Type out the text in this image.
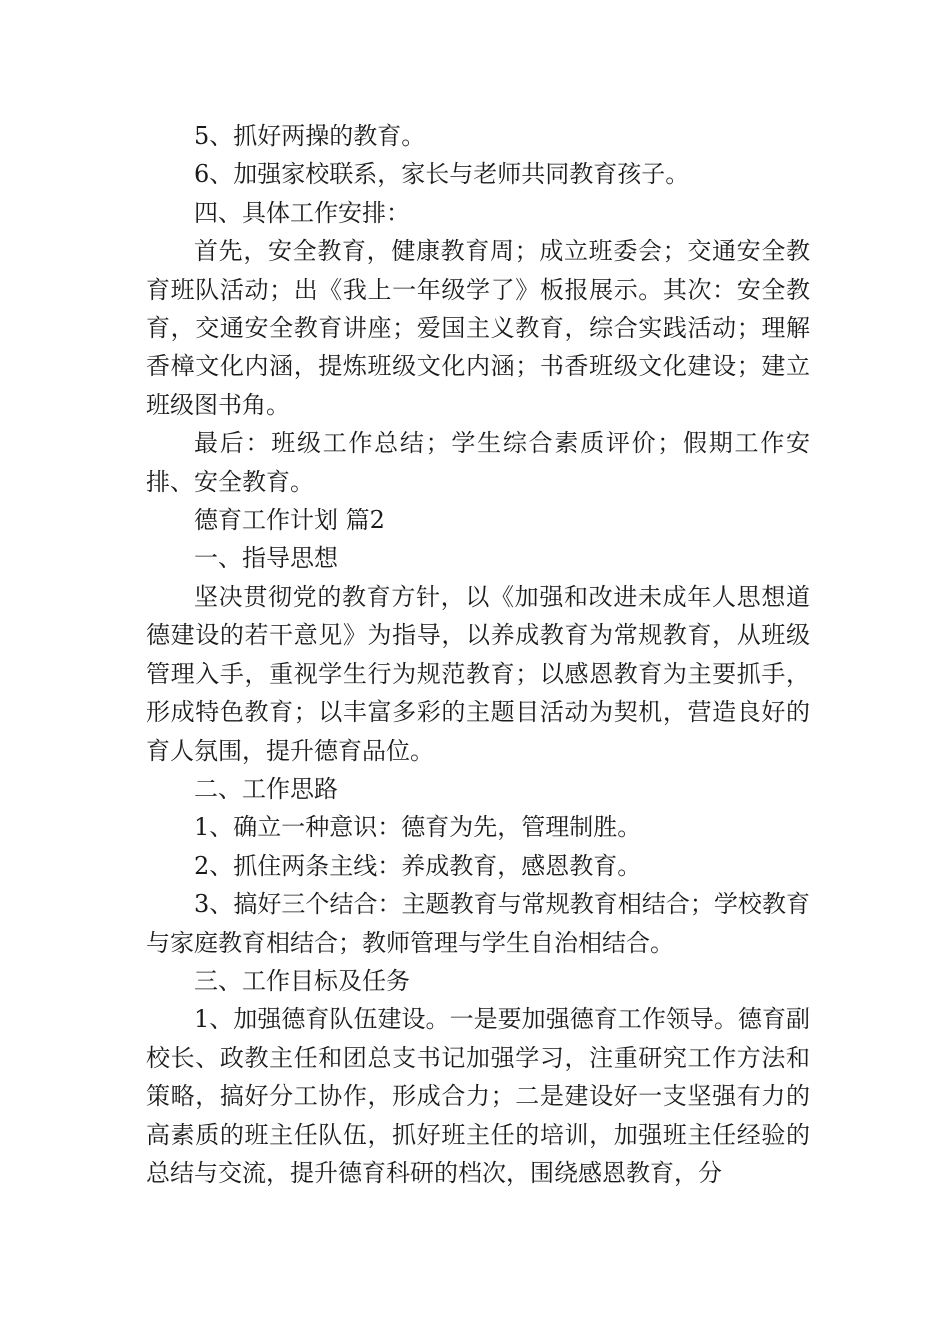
5、抓好两操的教育。

6、加强家校联系，家长与老师共同教育孩子。

四、具体工作安排：

首先，安全教育，健康教育周；成立班委会；交通安全教育班队活动；出《我上一年级学了》板报展示。其次：安全教育，交通安全教育讲座；爱国主义教育，综合实践活动；理解香樟文化内涵，提炼班级文化内涵；书香班级文化建设；建立班级图书角。

最后：班级工作总结；学生综合素质评价；假期工作安排、安全教育。

德育工作计划 篇2

一、指导思想

坚决贯彻党的教育方针，以《加强和改进未成年人思想道德建设的若干意见》为指导，以养成教育为常规教育，从班级管理入手，重视学生行为规范教育；以感恩教育为主要抓手，形成特色教育；以丰富多彩的主题目活动为契机，营造良好的育人氛围，提升德育品位。

二、工作思路

1、确立一种意识：德育为先，管理制胜。

2、抓住两条主线：养成教育，感恩教育。

3、搞好三个结合：主题教育与常规教育相结合；学校教育与家庭教育相结合；教师管理与学生自治相结合。

三、工作目标及任务

1、加强德育队伍建设。一是要加强德育工作领导。德育副校长、政教主任和团总支书记加强学习，注重研究工作方法和策略，搞好分工协作，形成合力；二是建设好一支坚强有力的高素质的班主任队伍，抓好班主任的培训，加强班主任经验的总结与交流，提升德育科研的档次，围绕感恩教育，分
